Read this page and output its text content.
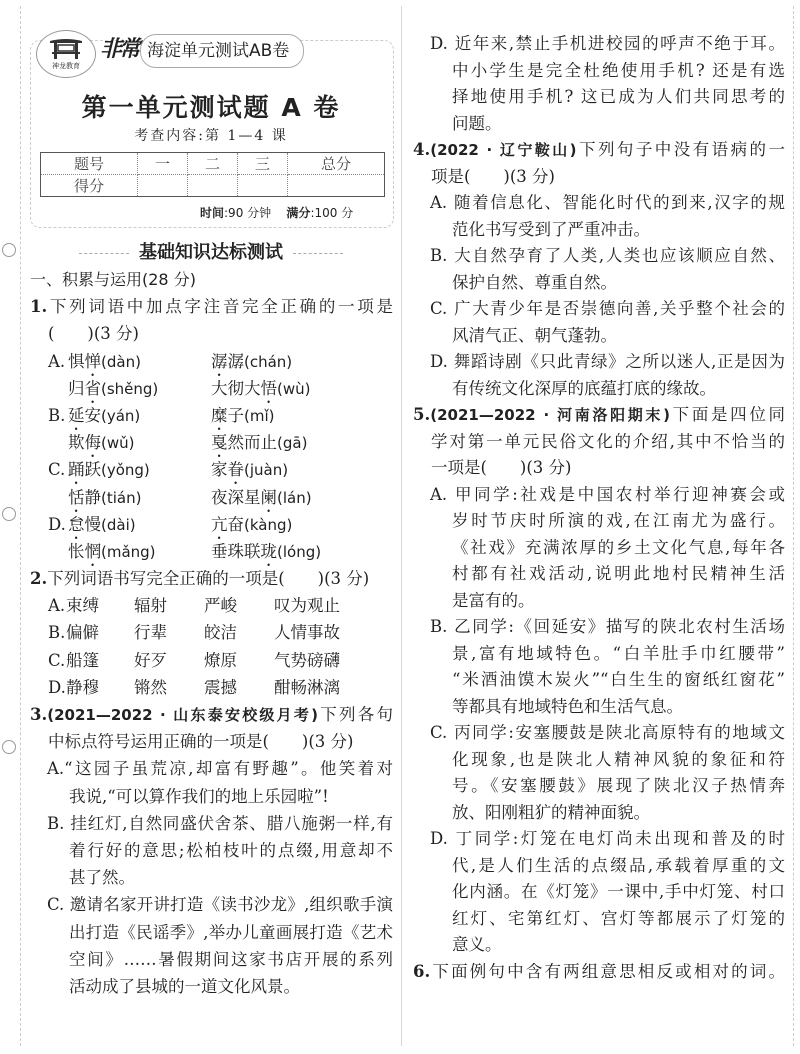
神龙教育
非常 海淀单元测试AB卷
第一单元测试题 A 卷
考查内容:第 1—4 课
题号	一	二	三	总分
得分				
时间:90 分钟 满分:100 分
基础知识达标测试
一、积累与运用(28 分)
1.下列词语中加点字注音完全正确的一项是
(　　)(3 分)
A. 惧惮(dàn)	潺潺(chán)
归省(shěng)	大彻大悟(wù)
B. 延安(yán)	糜子(mǐ)
欺侮(wǔ)	戛然而止(gā)
C. 踊跃(yǒng)	家眷(juàn)
恬静(tián)	夜深星阑(lán)
D. 怠慢(dài)	亢奋(kàng)
怅惘(mǎng)	垂珠联珑(lóng)
2.下列词语书写完全正确的一项是(　　)(3 分)
A.束缚 辐射 严峻 叹为观止
B.偏僻 行辈 皎洁 人情事故
C.船篷 好歹 燎原 气势磅礴
D.静穆 锵然 震撼 酣畅淋漓
3.(2021—2022 · 山东泰安校级月考)下列各句
中标点符号运用正确的一项是(　　)(3 分)
A.“这园子虽荒凉,却富有野趣”。他笑着对
我说,“可以算作我们的地上乐园啦”!
B. 挂红灯,自然同盛伏舍茶、腊八施粥一样,有
着行好的意思;松柏枝叶的点缀,用意却不
甚了然。
C. 邀请名家开讲打造《读书沙龙》,组织歌手演
出打造《民谣季》,举办儿童画展打造《艺术
空间》……暑假期间这家书店开展的系列
活动成了县城的一道文化风景。
D. 近年来,禁止手机进校园的呼声不绝于耳。
中小学生是完全杜绝使用手机? 还是有选
择地使用手机? 这已成为人们共同思考的
问题。
4.(2022 · 辽宁鞍山)下列句子中没有语病的一
项是(　　)(3 分)
A. 随着信息化、智能化时代的到来,汉字的规
范化书写受到了严重冲击。
B. 大自然孕育了人类,人类也应该顺应自然、
保护自然、尊重自然。
C. 广大青少年是否崇德向善,关乎整个社会的
风清气正、朝气蓬勃。
D. 舞蹈诗剧《只此青绿》之所以迷人,正是因为
有传统文化深厚的底蕴打底的缘故。
5.(2021—2022 · 河南洛阳期末)下面是四位同
学对第一单元民俗文化的介绍,其中不恰当的
一项是(　　)(3 分)
A. 甲同学:社戏是中国农村举行迎神赛会或
岁时节庆时所演的戏,在江南尤为盛行。
《社戏》充满浓厚的乡土文化气息,每年各
村都有社戏活动,说明此地村民精神生活
是富有的。
B. 乙同学:《回延安》描写的陕北农村生活场
景,富有地域特色。“白羊肚手巾红腰带”
“米酒油馍木炭火”“白生生的窗纸红窗花”
等都具有地域特色和生活气息。
C. 丙同学:安塞腰鼓是陕北高原特有的地域文
化现象,也是陕北人精神风貌的象征和符
号。《安塞腰鼓》展现了陕北汉子热情奔
放、阳刚粗犷的精神面貌。
D. 丁同学:灯笼在电灯尚未出现和普及的时
代,是人们生活的点缀品,承载着厚重的文
化内涵。在《灯笼》一课中,手中灯笼、村口
红灯、宅第红灯、宫灯等都展示了灯笼的
意义。
6.下面例句中含有两组意思相反或相对的词。
